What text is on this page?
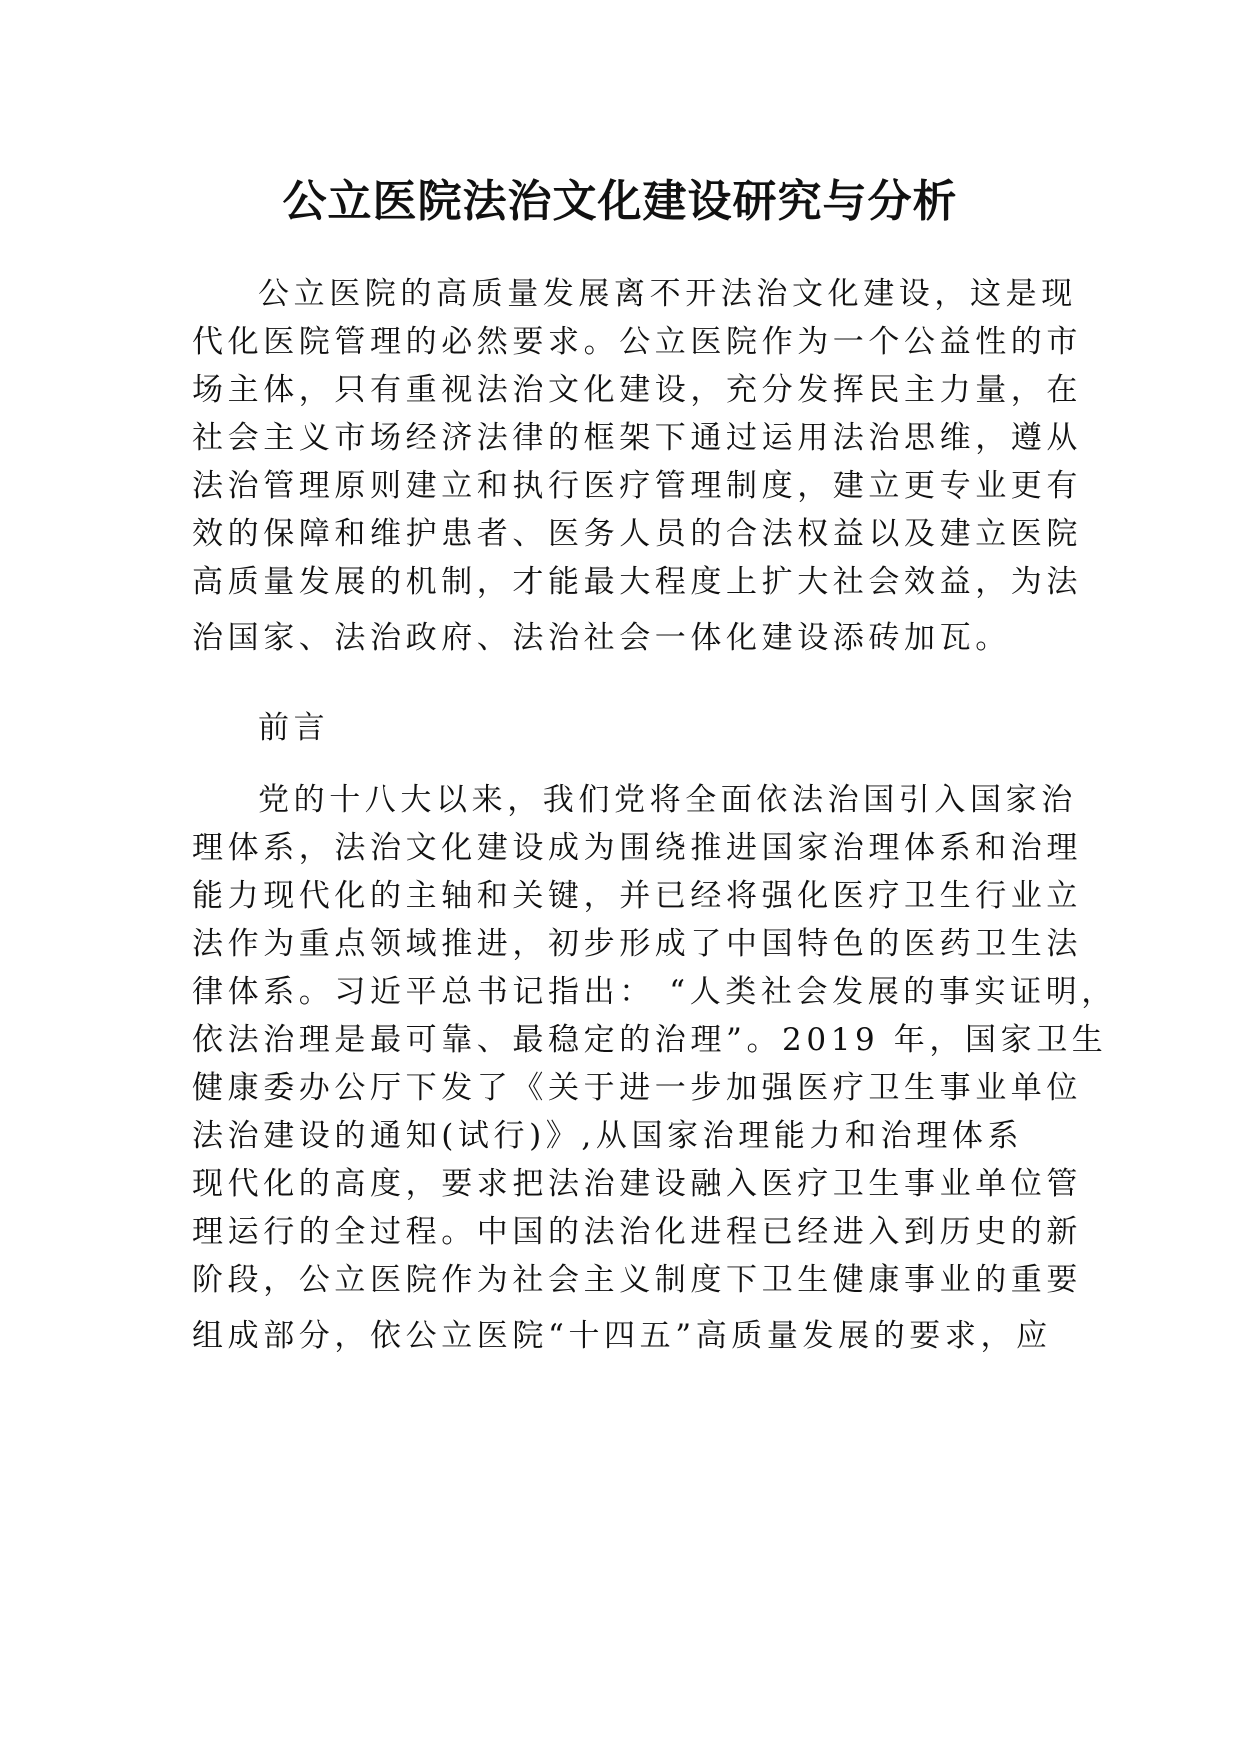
公立医院法治文化建设研究与分析
公立医院的高质量发展离不开法治文化建设，这是现
代化医院管理的必然要求。公立医院作为一个公益性的市
场主体，只有重视法治文化建设，充分发挥民主力量，在
社会主义市场经济法律的框架下通过运用法治思维，遵从
法治管理原则建立和执行医疗管理制度，建立更专业更有
效的保障和维护患者、医务人员的合法权益以及建立医院
高质量发展的机制，才能最大程度上扩大社会效益，为法
治国家、法治政府、法治社会一体化建设添砖加瓦。
前言
党的十八大以来，我们党将全面依法治国引入国家治
理体系，法治文化建设成为围绕推进国家治理体系和治理
能力现代化的主轴和关键，并已经将强化医疗卫生行业立
法作为重点领域推进，初步形成了中国特色的医药卫生法
律体系。习近平总书记指出： “人类社会发展的事实证明，
依法治理是最可靠、最稳定的治理”。2019 年，国家卫生
健康委办公厅下发了《关于进一步加强医疗卫生事业单位
法治建设的通知(试行)》,从国家治理能力和治理体系
现代化的高度，要求把法治建设融入医疗卫生事业单位管
理运行的全过程。中国的法治化进程已经进入到历史的新
阶段，公立医院作为社会主义制度下卫生健康事业的重要
组成部分，依公立医院“十四五”高质量发展的要求，应
